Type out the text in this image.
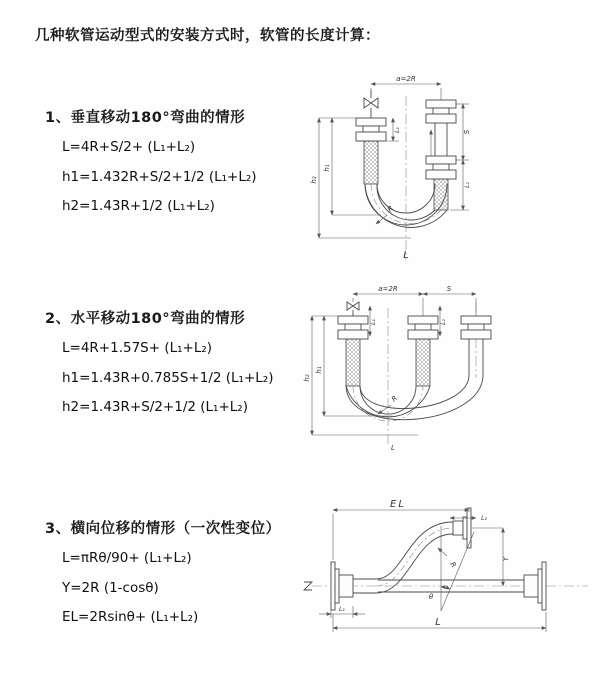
几种软管运动型式的安装方式时，软管的长度计算：
1、垂直移动180°弯曲的情形
L=4R+S/2+ (L₁+L₂)
h1=1.432R+S/2+1/2 (L₁+L₂)
h2=1.43R+1/2 (L₁+L₂)
2、水平移动180°弯曲的情形
L=4R+1.57S+ (L₁+L₂)
h1=1.43R+0.785S+1/2 (L₁+L₂)
h2=1.43R+S/2+1/2 (L₁+L₂)
3、横向位移的情形（一次性变位）
L=πRθ/90+ (L₁+L₂)
Y=2R (1-cosθ)
EL=2Rsinθ+ (L₁+L₂)
a=2R
h₂
h₁
L₁	S
L₂
R
L
a=2R	S
L₁	L₂
h₂
h₁
R
L
θ
R
EL
L₂
Y
L₁
L
